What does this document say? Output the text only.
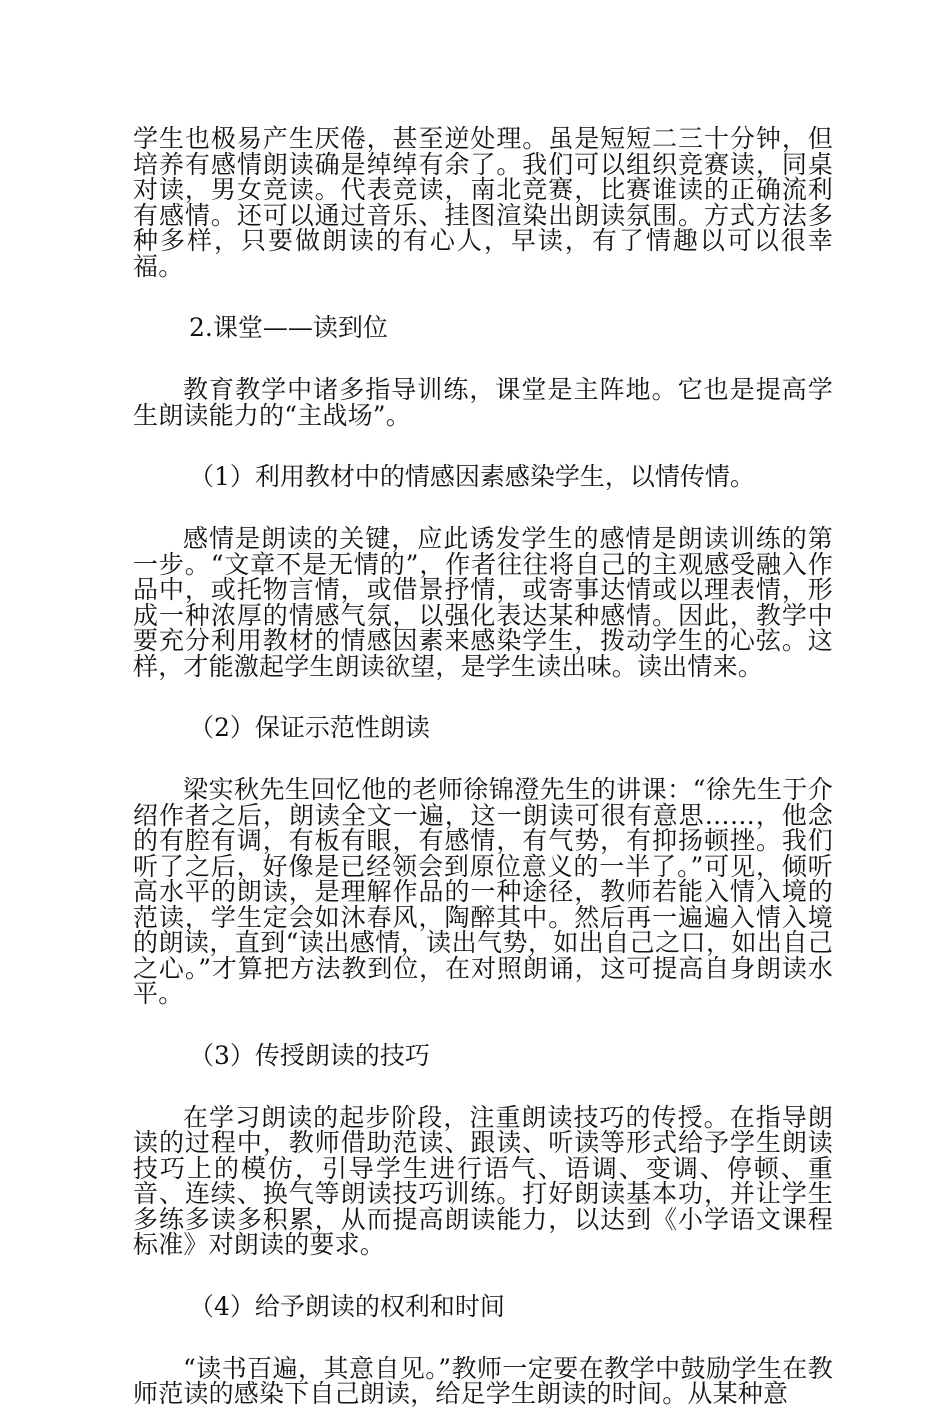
学生也极易产生厌倦，甚至逆处理。虽是短短二三十分钟，但培养有感情朗读确是绰绰有余了。我们可以组织竞赛读，同桌对读，男女竞读。代表竞读，南北竞赛，比赛谁读的正确流利有感情。还可以通过音乐、挂图渲染出朗读氛围。方式方法多种多样，只要做朗读的有心人，早读，有了情趣以可以很幸福。

2.课堂——读到位

教育教学中诸多指导训练，课堂是主阵地。它也是提高学生朗读能力的“主战场”。

（1）利用教材中的情感因素感染学生，以情传情。

感情是朗读的关键，应此诱发学生的感情是朗读训练的第一步。“文章不是无情的”，作者往往将自己的主观感受融入作品中，或托物言情，或借景抒情，或寄事达情或以理表情，形成一种浓厚的情感气氛，以强化表达某种感情。因此，教学中要充分利用教材的情感因素来感染学生，拨动学生的心弦。这样，才能激起学生朗读欲望，是学生读出味。读出情来。

（2）保证示范性朗读

梁实秋先生回忆他的老师徐锦澄先生的讲课：“徐先生于介绍作者之后，朗读全文一遍，这一朗读可很有意思……，他念的有腔有调，有板有眼，有感情，有气势，有抑扬顿挫。我们听了之后，好像是已经领会到原位意义的一半了。”可见，倾听高水平的朗读，是理解作品的一种途径，教师若能入情入境的范读，学生定会如沐春风，陶醉其中。然后再一遍遍入情入境的朗读，直到“读出感情，读出气势，如出自己之口，如出自己之心。”才算把方法教到位，在对照朗诵，这可提高自身朗读水平。

（3）传授朗读的技巧

在学习朗读的起步阶段，注重朗读技巧的传授。在指导朗读的过程中，教师借助范读、跟读、听读等形式给予学生朗读技巧上的模仿，引导学生进行语气、语调、变调、停顿、重音、连续、换气等朗读技巧训练。打好朗读基本功，并让学生多练多读多积累，从而提高朗读能力，以达到《小学语文课程标准》对朗读的要求。

（4）给予朗读的权利和时间

“读书百遍，其意自见。”教师一定要在教学中鼓励学生在教师范读的感染下自己朗读，给足学生朗读的时间。从某种意
